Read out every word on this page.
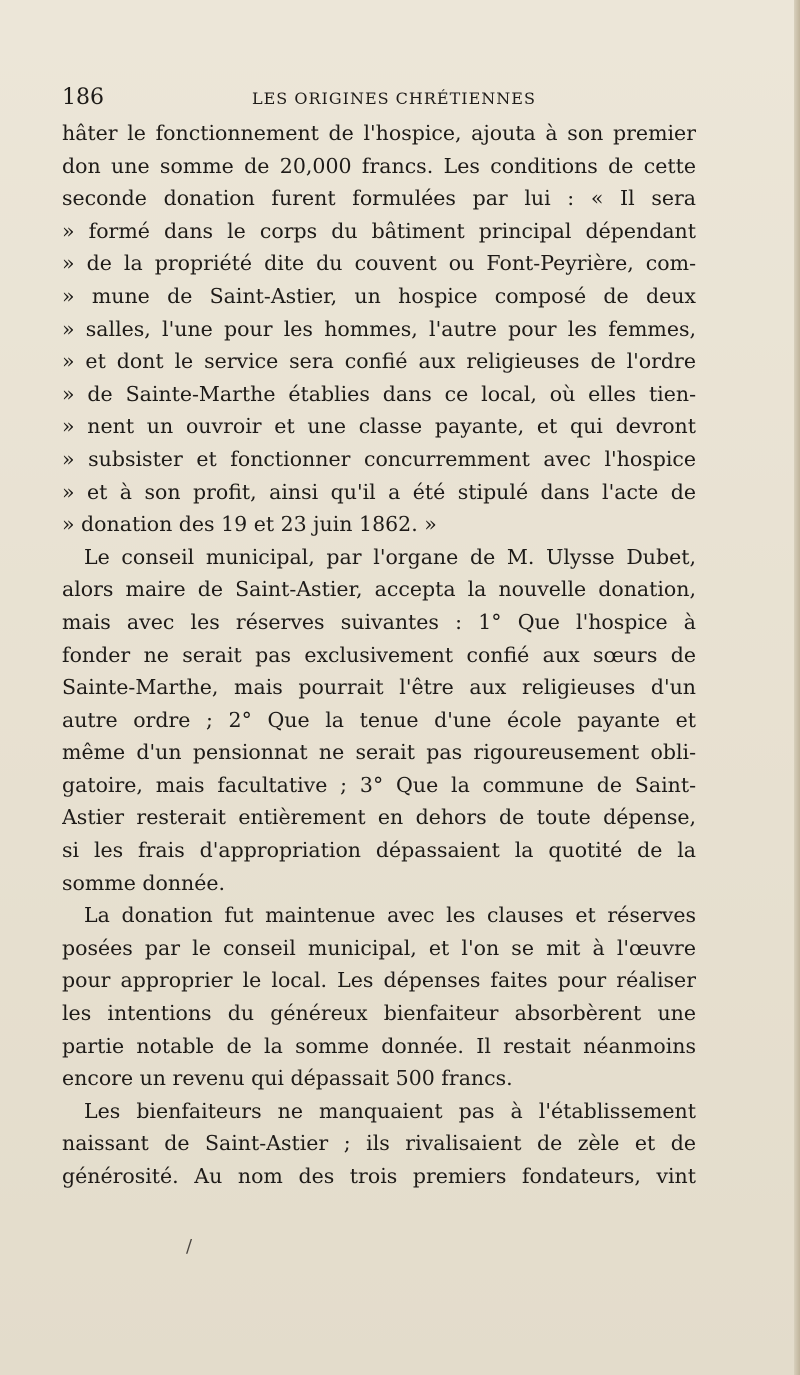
186	LES ORIGINES CHRÉTIENNES
hâter le fonctionnement de l'hospice, ajouta à son premier
don une somme de 20,000 francs. Les conditions de cette
seconde donation furent formulées par lui : « Il sera
» formé dans le corps du bâtiment principal dépendant
» de la propriété dite du couvent ou Font-Peyrière, com-
» mune de Saint-Astier, un hospice composé de deux
» salles, l'une pour les hommes, l'autre pour les femmes,
» et dont le service sera confié aux religieuses de l'ordre
» de Sainte-Marthe établies dans ce local, où elles tien-
» nent un ouvroir et une classe payante, et qui devront
» subsister et fonctionner concurremment avec l'hospice
» et à son profit, ainsi qu'il a été stipulé dans l'acte de
» donation des 19 et 23 juin 1862. »
Le conseil municipal, par l'organe de M. Ulysse Dubet,
alors maire de Saint-Astier, accepta la nouvelle donation,
mais avec les réserves suivantes : 1° Que l'hospice à
fonder ne serait pas exclusivement confié aux sœurs de
Sainte-Marthe, mais pourrait l'être aux religieuses d'un
autre ordre ; 2° Que la tenue d'une école payante et
même d'un pensionnat ne serait pas rigoureusement obli-
gatoire, mais facultative ; 3° Que la commune de Saint-
Astier resterait entièrement en dehors de toute dépense,
si les frais d'appropriation dépassaient la quotité de la
somme donnée.
La donation fut maintenue avec les clauses et réserves
posées par le conseil municipal, et l'on se mit à l'œuvre
pour approprier le local. Les dépenses faites pour réaliser
les intentions du généreux bienfaiteur absorbèrent une
partie notable de la somme donnée. Il restait néanmoins
encore un revenu qui dépassait 500 francs.
Les bienfaiteurs ne manquaient pas à l'établissement
naissant de Saint-Astier ; ils rivalisaient de zèle et de
générosité. Au nom des trois premiers fondateurs, vint
/
